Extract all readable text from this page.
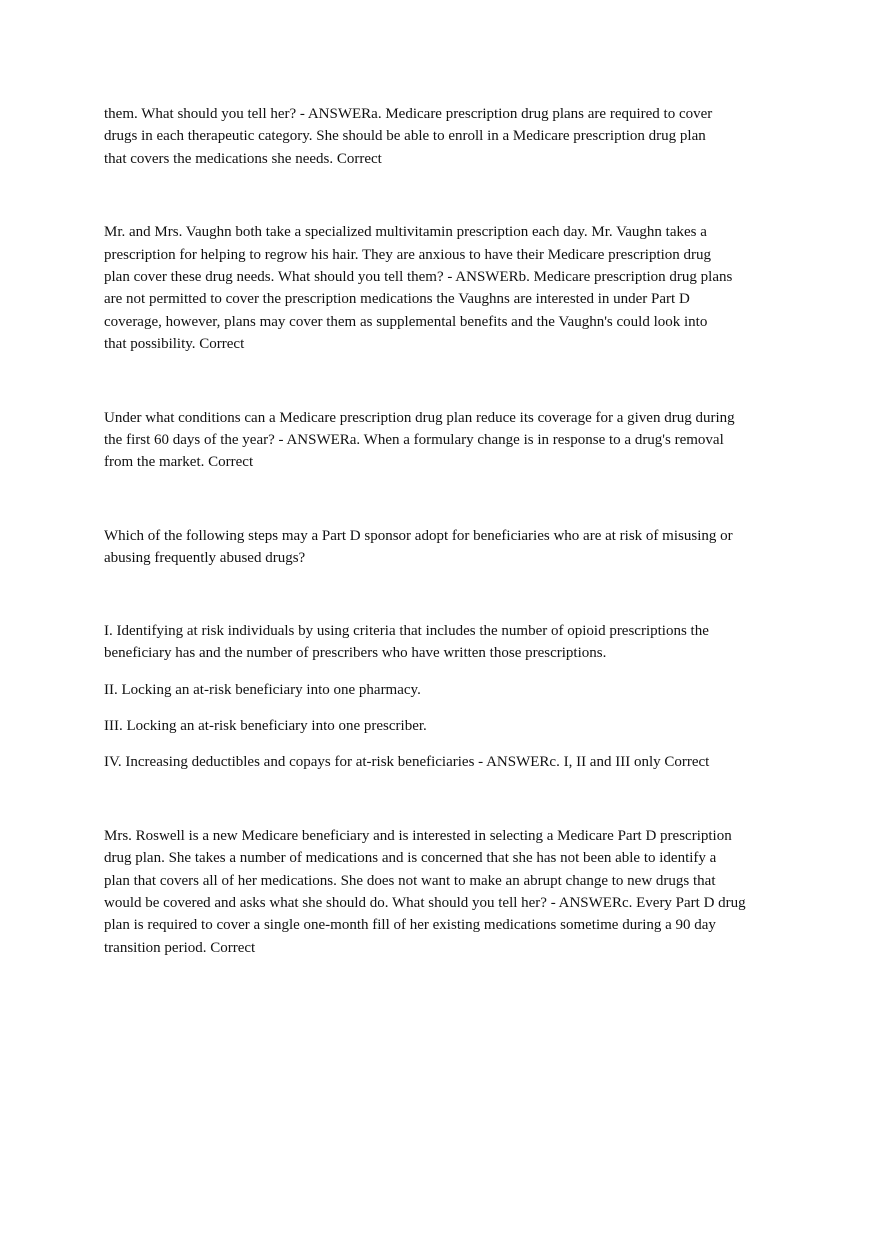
them. What should you tell her? - ANSWERa. Medicare prescription drug plans are required to cover
drugs in each therapeutic category. She should be able to enroll in a Medicare prescription drug plan
that covers the medications she needs. Correct

Mr. and Mrs. Vaughn both take a specialized multivitamin prescription each day. Mr. Vaughn takes a
prescription for helping to regrow his hair. They are anxious to have their Medicare prescription drug
plan cover these drug needs. What should you tell them? - ANSWERb. Medicare prescription drug plans
are not permitted to cover the prescription medications the Vaughns are interested in under Part D
coverage, however, plans may cover them as supplemental benefits and the Vaughn's could look into
that possibility. Correct

Under what conditions can a Medicare prescription drug plan reduce its coverage for a given drug during
the first 60 days of the year? - ANSWERa. When a formulary change is in response to a drug's removal
from the market. Correct

Which of the following steps may a Part D sponsor adopt for beneficiaries who are at risk of misusing or
abusing frequently abused drugs?

I. Identifying at risk individuals by using criteria that includes the number of opioid prescriptions the
beneficiary has and the number of prescribers who have written those prescriptions.

II. Locking an at-risk beneficiary into one pharmacy.

III. Locking an at-risk beneficiary into one prescriber.

IV. Increasing deductibles and copays for at-risk beneficiaries - ANSWERc. I, II and III only Correct

Mrs. Roswell is a new Medicare beneficiary and is interested in selecting a Medicare Part D prescription
drug plan. She takes a number of medications and is concerned that she has not been able to identify a
plan that covers all of her medications. She does not want to make an abrupt change to new drugs that
would be covered and asks what she should do. What should you tell her? - ANSWERc. Every Part D drug
plan is required to cover a single one-month fill of her existing medications sometime during a 90 day
transition period. Correct
